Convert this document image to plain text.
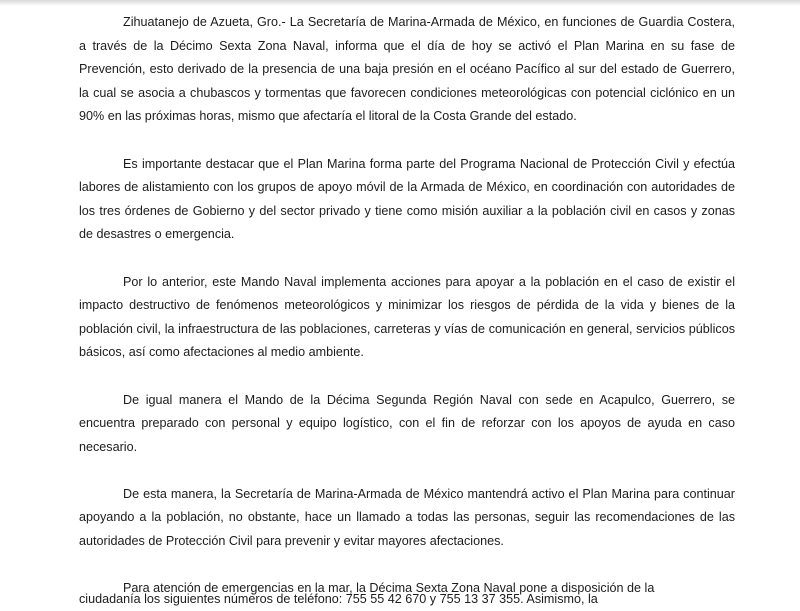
Zihuatanejo de Azueta, Gro.- La Secretaría de Marina-Armada de México, en funciones de Guardia Costera, a través de la Décimo Sexta Zona Naval, informa que el día de hoy se activó el Plan Marina en su fase de Prevención, esto derivado de la presencia de una baja presión en el océano Pacífico al sur del estado de Guerrero, la cual se asocia a chubascos y tormentas que favorecen condiciones meteorológicas con potencial ciclónico en un 90% en las próximas horas, mismo que afectaría el litoral de la Costa Grande del estado.

Es importante destacar que el Plan Marina forma parte del Programa Nacional de Protección Civil y efectúa labores de alistamiento con los grupos de apoyo móvil de la Armada de México, en coordinación con autoridades de los tres órdenes de Gobierno y del sector privado y tiene como misión auxiliar a la población civil en casos y zonas de desastres o emergencia.

Por lo anterior, este Mando Naval implementa acciones para apoyar a la población en el caso de existir el impacto destructivo de fenómenos meteorológicos y minimizar los riesgos de pérdida de la vida y bienes de la población civil, la infraestructura de las poblaciones, carreteras y vías de comunicación en general, servicios públicos básicos, así como afectaciones al medio ambiente.

De igual manera el Mando de la Décima Segunda Región Naval con sede en Acapulco, Guerrero, se encuentra preparado con personal y equipo logístico, con el fin de reforzar con los apoyos de ayuda en caso necesario.

De esta manera, la Secretaría de Marina-Armada de México mantendrá activo el Plan Marina para continuar apoyando a la población, no obstante, hace un llamado a todas las personas, seguir las recomendaciones de las autoridades de Protección Civil para prevenir y evitar mayores afectaciones.

Para atención de emergencias en la mar, la Décima Sexta Zona Naval pone a disposición de la

ciudadanía los siguientes números de teléfono: 755 55 42 670 y 755 13 37 355. Asimismo, la
